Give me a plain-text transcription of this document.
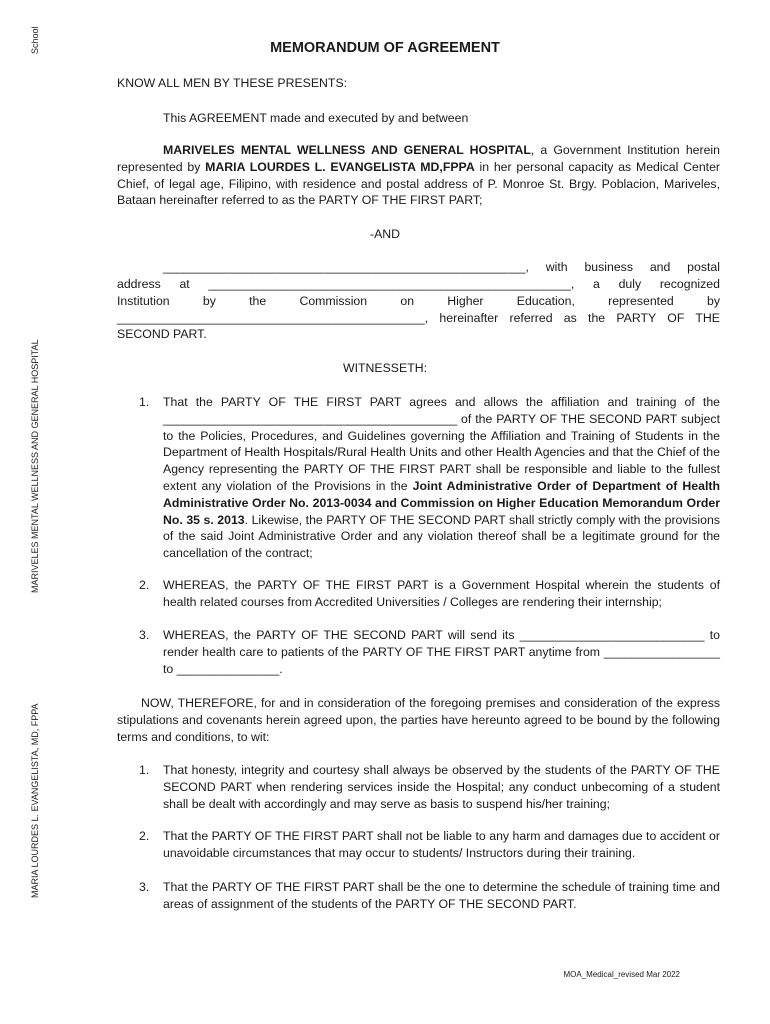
School
MARIVELES MENTAL WELLNESS AND GENERAL HOSPITAL
MARIA LOURDES L. EVANGELISTA, MD, FPPA
MEMORANDUM OF AGREEMENT
KNOW ALL MEN BY THESE PRESENTS:
This AGREEMENT made and executed by and between
MARIVELES MENTAL WELLNESS AND GENERAL HOSPITAL, a Government Institution herein represented by MARIA LOURDES L. EVANGELISTA MD,FPPA in her personal capacity as Medical Center Chief, of legal age, Filipino, with residence and postal address of P. Monroe St. Brgy. Poblacion, Mariveles, Bataan hereinafter referred to as the PARTY OF THE FIRST PART;
-AND
_____________________________________________________, with business and postal
address at _____________________________________________________, a duly recognized
Institution by the Commission on Higher Education, represented by
_____________________________________________, hereinafter referred as the PARTY OF THE
SECOND PART.
WITNESSETH:
1. That the PARTY OF THE FIRST PART agrees and allows the affiliation and training of the ___________________________________________ of the PARTY OF THE SECOND PART subject to the Policies, Procedures, and Guidelines governing the Affiliation and Training of Students in the Department of Health Hospitals/Rural Health Units and other Health Agencies and that the Chief of the Agency representing the PARTY OF THE FIRST PART shall be responsible and liable to the fullest extent any violation of the Provisions in the Joint Administrative Order of Department of Health Administrative Order No. 2013-0034 and Commission on Higher Education Memorandum Order No. 35 s. 2013. Likewise, the PARTY OF THE SECOND PART shall strictly comply with the provisions of the said Joint Administrative Order and any violation thereof shall be a legitimate ground for the cancellation of the contract;
2. WHEREAS, the PARTY OF THE FIRST PART is a Government Hospital wherein the students of health related courses from Accredited Universities / Colleges are rendering their internship;
3. WHEREAS, the PARTY OF THE SECOND PART will send its ___________________________ to render health care to patients of the PARTY OF THE FIRST PART anytime from _________________ to _______________.
NOW, THEREFORE, for and in consideration of the foregoing premises and consideration of the express stipulations and covenants herein agreed upon, the parties have hereunto agreed to be bound by the following terms and conditions, to wit:
1. That honesty, integrity and courtesy shall always be observed by the students of the PARTY OF THE SECOND PART when rendering services inside the Hospital; any conduct unbecoming of a student shall be dealt with accordingly and may serve as basis to suspend his/her training;
2. That the PARTY OF THE FIRST PART shall not be liable to any harm and damages due to accident or unavoidable circumstances that may occur to students/ Instructors during their training.
3. That the PARTY OF THE FIRST PART shall be the one to determine the schedule of training time and areas of assignment of the students of the PARTY OF THE SECOND PART.
MOA_Medical_revised Mar 2022
